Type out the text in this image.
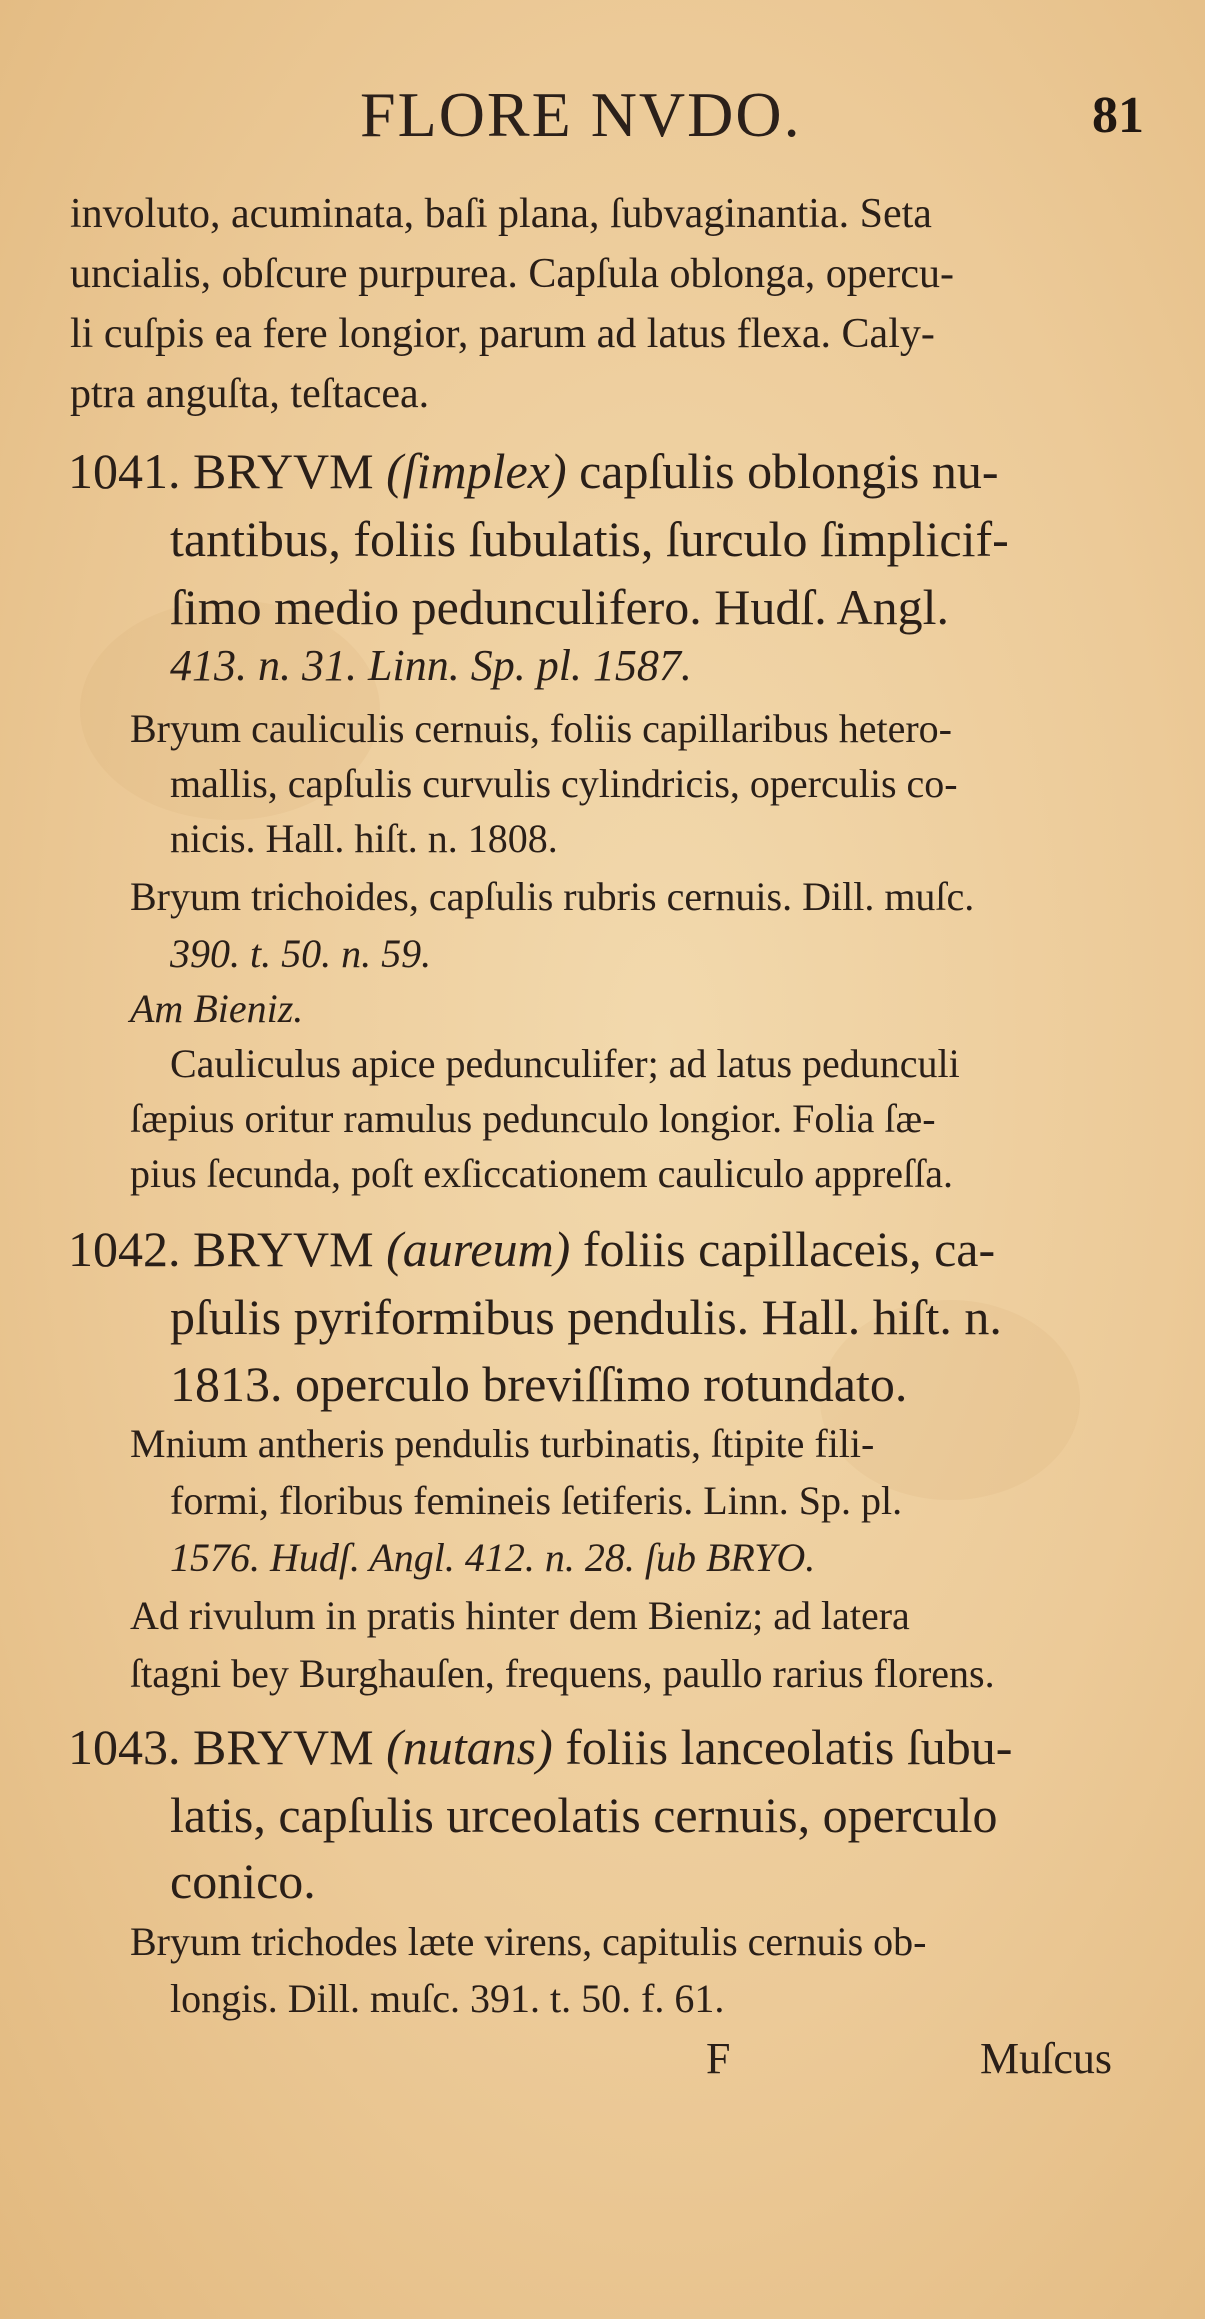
FLORE NVDO.	81
involuto, acuminata, baſi plana, ſubvaginantia. Seta
uncialis, obſcure purpurea. Capſula oblonga, opercu-
li cuſpis ea fere longior, parum ad latus flexa. Caly-
ptra anguſta, teſtacea.
1041. BRYVM (ſimplex) capſulis oblongis nu-
tantibus, foliis ſubulatis, ſurculo ſimplicif-
ſimo medio pedunculifero. Hudſ. Angl.
413. n. 31. Linn. Sp. pl. 1587.
Bryum cauliculis cernuis, foliis capillaribus hetero-
mallis, capſulis curvulis cylindricis, operculis co-
nicis. Hall. hiſt. n. 1808.
Bryum trichoides, capſulis rubris cernuis. Dill. muſc.
390. t. 50. n. 59.
Am Bieniz.
Cauliculus apice pedunculifer; ad latus pedunculi
ſæpius oritur ramulus pedunculo longior. Folia ſæ-
pius ſecunda, poſt exſiccationem cauliculo appreſſa.
1042. BRYVM (aureum) foliis capillaceis, ca-
pſulis pyriformibus pendulis. Hall. hiſt. n.
1813. operculo breviſſimo rotundato.
Mnium antheris pendulis turbinatis, ſtipite fili-
formi, floribus femineis ſetiferis. Linn. Sp. pl.
1576. Hudſ. Angl. 412. n. 28. ſub BRYO.
Ad rivulum in pratis hinter dem Bieniz; ad latera
ſtagni bey Burghauſen, frequens, paullo rarius florens.
1043. BRYVM (nutans) foliis lanceolatis ſubu-
latis, capſulis urceolatis cernuis, operculo
conico.
Bryum trichodes læte virens, capitulis cernuis ob-
longis. Dill. muſc. 391. t. 50. f. 61.
F	Muſcus
